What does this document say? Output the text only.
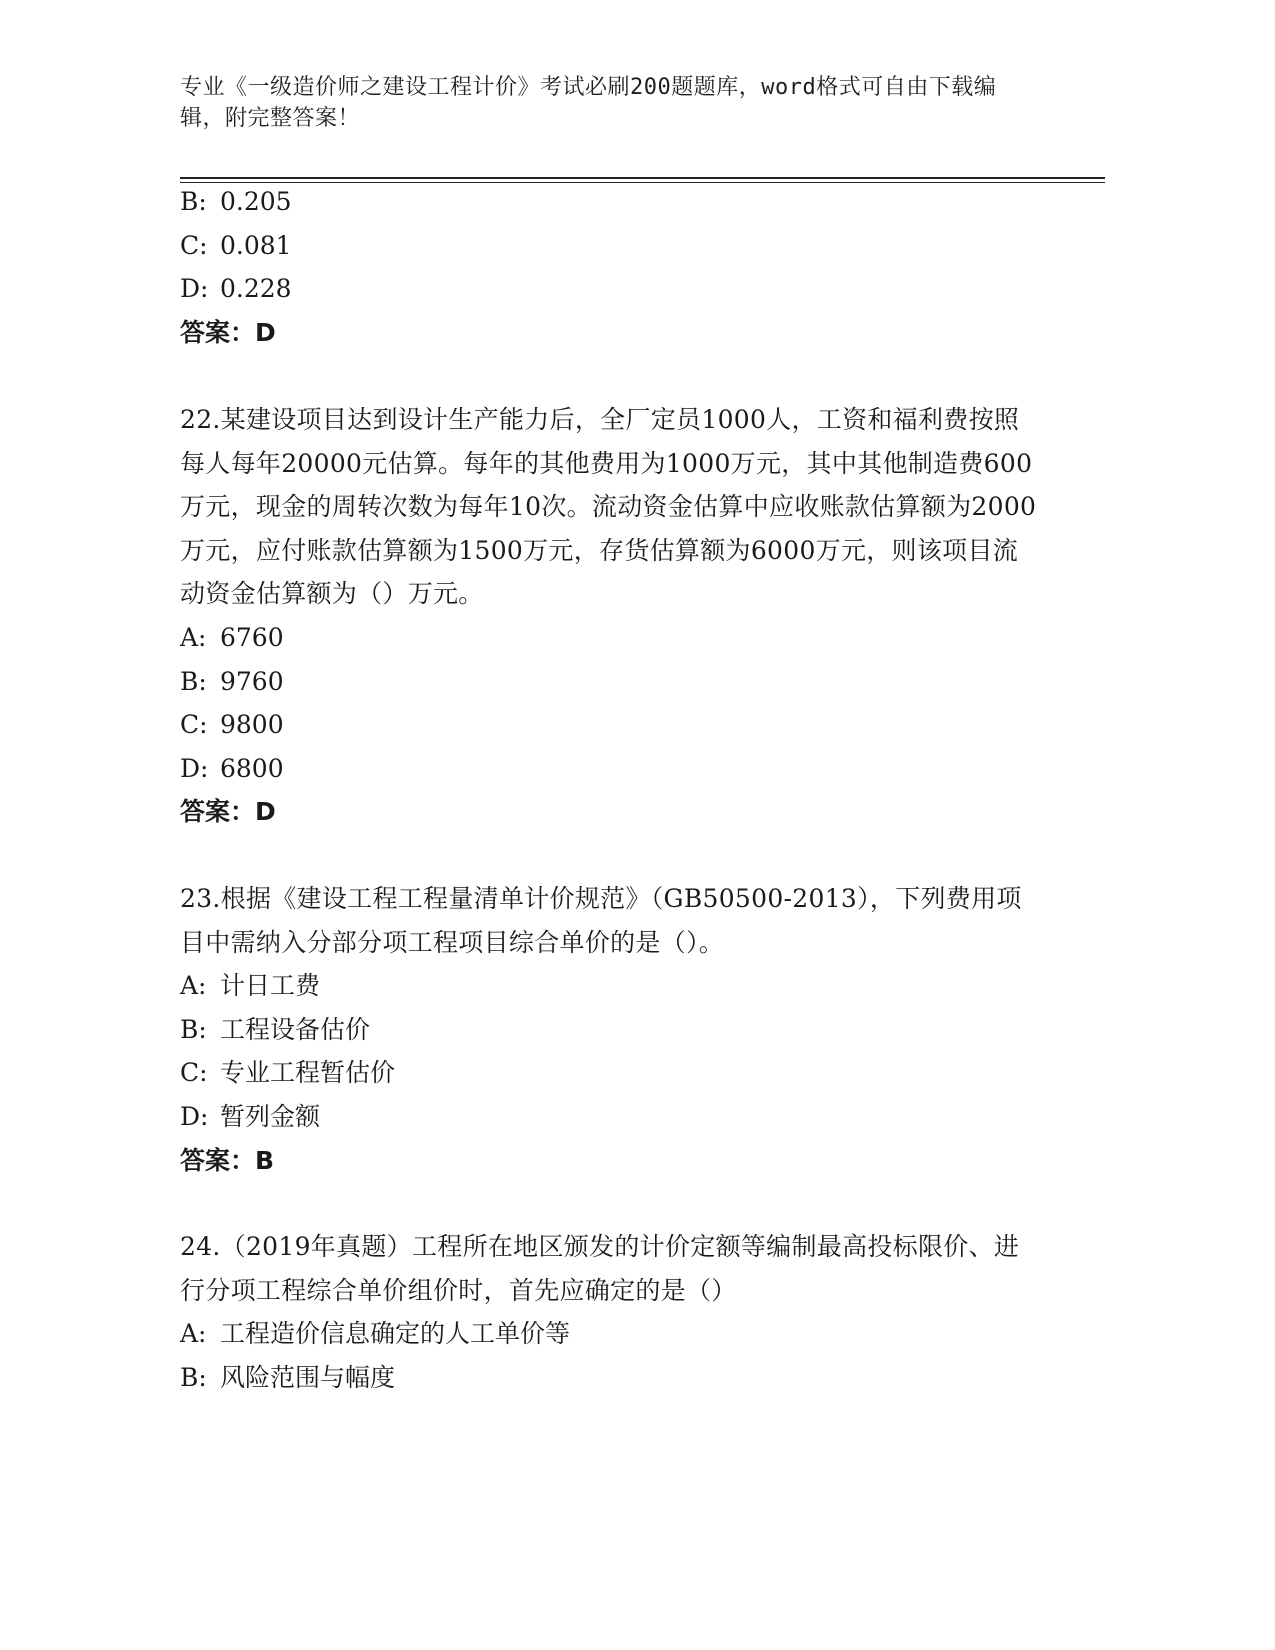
专业《一级造价师之建设工程计价》考试必刷200题题库，word格式可自由下载编辑，附完整答案！
B: 0.205
C: 0.081
D: 0.228
答案：D
22.某建设项目达到设计生产能力后，全厂定员1000人，工资和福利费按照每人每年20000元估算。每年的其他费用为1000万元，其中其他制造费600万元，现金的周转次数为每年10次。流动资金估算中应收账款估算额为2000万元，应付账款估算额为1500万元，存货估算额为6000万元，则该项目流动资金估算额为（）万元。
A: 6760
B: 9760
C: 9800
D: 6800
答案：D
23.根据《建设工程工程量清单计价规范》（GB50500-2013），下列费用项目中需纳入分部分项工程项目综合单价的是（）。
A: 计日工费
B: 工程设备估价
C: 专业工程暂估价
D: 暂列金额
答案：B
24.（2019年真题）工程所在地区颁发的计价定额等编制最高投标限价、进行分项工程综合单价组价时，首先应确定的是（）
A: 工程造价信息确定的人工单价等
B: 风险范围与幅度
